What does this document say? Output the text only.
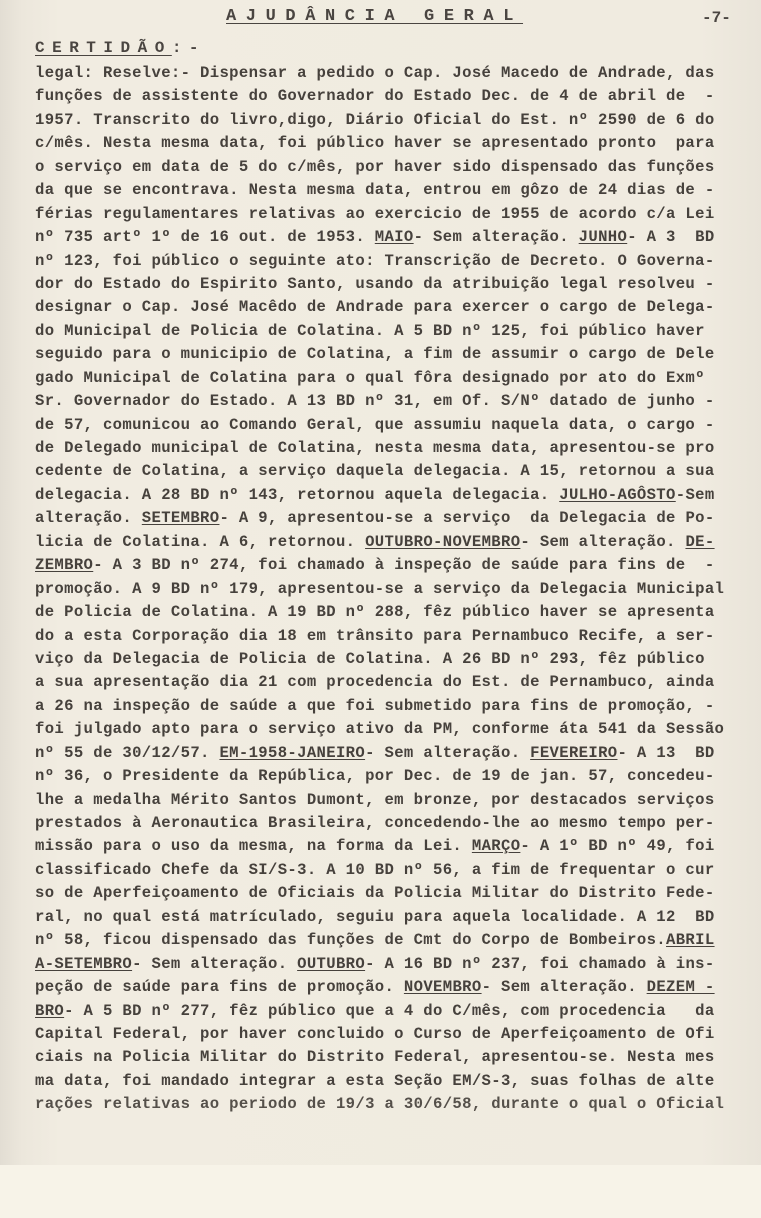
AJUDÂNCIA GERAL	-7-
CERTIDÃO:-
legal: Reselve:- Dispensar a pedido o Cap. José Macedo de Andrade, das
funções de assistente do Governador do Estado Dec. de 4 de abril de  -
1957. Transcrito do livro,digo, Diário Oficial do Est. nº 2590 de 6 do
c/mês. Nesta mesma data, foi público haver se apresentado pronto  para
o serviço em data de 5 do c/mês, por haver sido dispensado das funções
da que se encontrava. Nesta mesma data, entrou em gôzo de 24 dias de -
férias regulamentares relativas ao exercicio de 1955 de acordo c/a Lei
nº 735 artº 1º de 16 out. de 1953. MAIO- Sem alteração. JUNHO- A 3  BD
nº 123, foi público o seguinte ato: Transcrição de Decreto. O Governa-
dor do Estado do Espirito Santo, usando da atribuição legal resolveu -
designar o Cap. José Macêdo de Andrade para exercer o cargo de Delega-
do Municipal de Policia de Colatina. A 5 BD nº 125, foi público haver
seguido para o municipio de Colatina, a fim de assumir o cargo de Dele
gado Municipal de Colatina para o qual fôra designado por ato do Exmº
Sr. Governador do Estado. A 13 BD nº 31, em Of. S/Nº datado de junho -
de 57, comunicou ao Comando Geral, que assumiu naquela data, o cargo -
de Delegado municipal de Colatina, nesta mesma data, apresentou-se pro
cedente de Colatina, a serviço daquela delegacia. A 15, retornou a sua
delegacia. A 28 BD nº 143, retornou aquela delegacia. JULHO-AGÔSTO-Sem
alteração. SETEMBRO- A 9, apresentou-se a serviço  da Delegacia de Po-
licia de Colatina. A 6, retornou. OUTUBRO-NOVEMBRO- Sem alteração. DE-
ZEMBRO- A 3 BD nº 274, foi chamado à inspeção de saúde para fins de  -
promoção. A 9 BD nº 179, apresentou-se a serviço da Delegacia Municipal
de Policia de Colatina. A 19 BD nº 288, fêz público haver se apresenta
do a esta Corporação dia 18 em trânsito para Pernambuco Recife, a ser-
viço da Delegacia de Policia de Colatina. A 26 BD nº 293, fêz público
a sua apresentação dia 21 com procedencia do Est. de Pernambuco, ainda
a 26 na inspeção de saúde a que foi submetido para fins de promoção, -
foi julgado apto para o serviço ativo da PM, conforme áta 541 da Sessão
nº 55 de 30/12/57. EM-1958-JANEIRO- Sem alteração. FEVEREIRO- A 13  BD
nº 36, o Presidente da República, por Dec. de 19 de jan. 57, concedeu-
lhe a medalha Mérito Santos Dumont, em bronze, por destacados serviços
prestados à Aeronautica Brasileira, concedendo-lhe ao mesmo tempo per-
missão para o uso da mesma, na forma da Lei. MARÇO- A 1º BD nº 49, foi
classificado Chefe da SI/S-3. A 10 BD nº 56, a fim de frequentar o cur
so de Aperfeiçoamento de Oficiais da Policia Militar do Distrito Fede-
ral, no qual está matrículado, seguiu para aquela localidade. A 12  BD
nº 58, ficou dispensado das funções de Cmt do Corpo de Bombeiros.ABRIL
A-SETEMBRO- Sem alteração. OUTUBRO- A 16 BD nº 237, foi chamado à ins-
peção de saúde para fins de promoção. NOVEMBRO- Sem alteração. DEZEM -
BRO- A 5 BD nº 277, fêz público que a 4 do C/mês, com procedencia   da
Capital Federal, por haver concluido o Curso de Aperfeiçoamento de Ofi
ciais na Policia Militar do Distrito Federal, apresentou-se. Nesta mes
ma data, foi mandado integrar a esta Seção EM/S-3, suas folhas de alte
rações relativas ao periodo de 19/3 a 30/6/58, durante o qual o Oficial
